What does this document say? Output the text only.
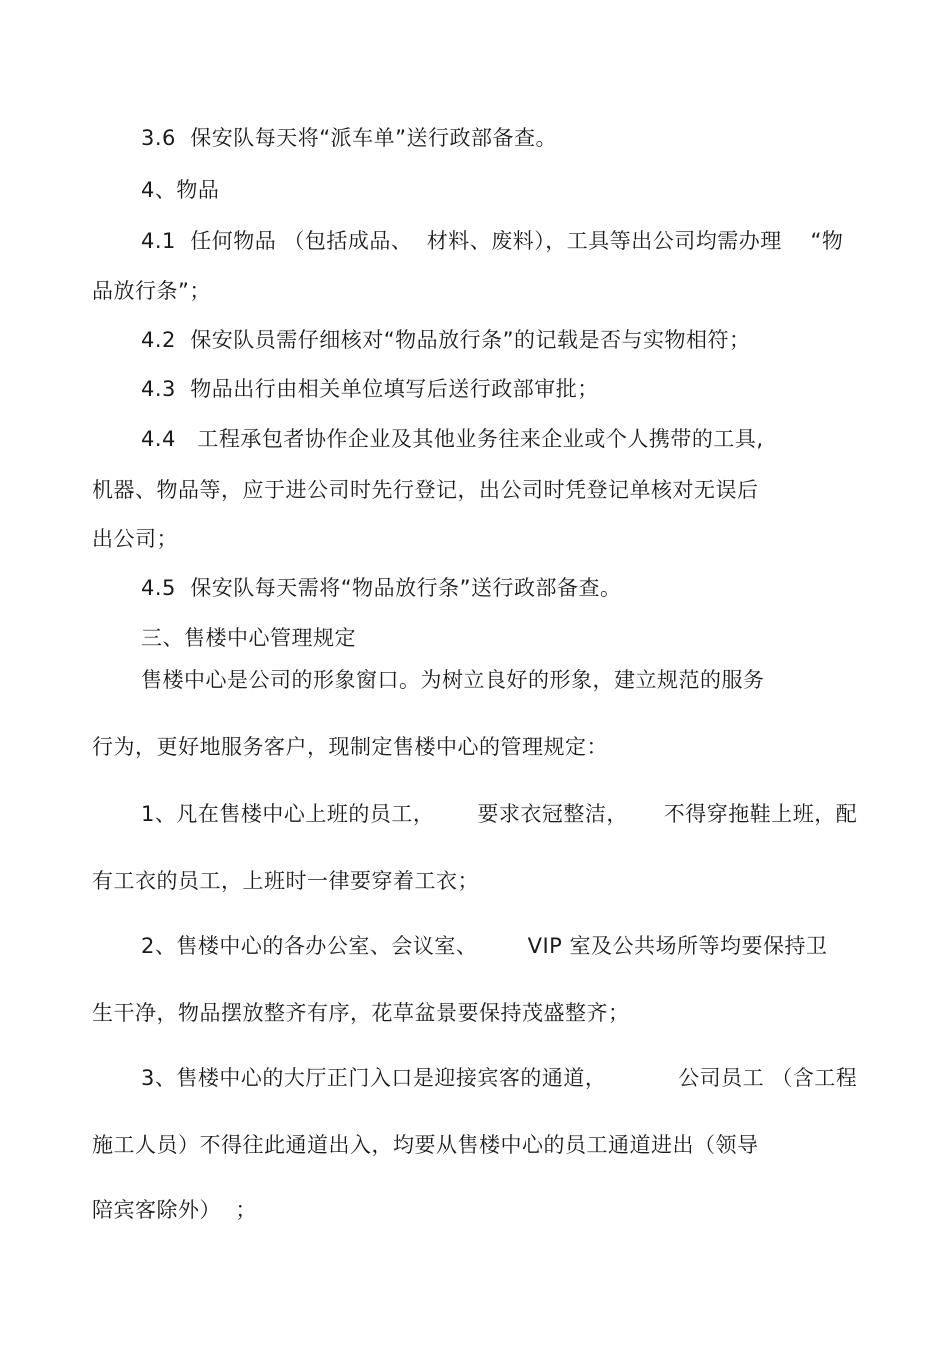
3.6  保安队每天将“派车单”送行政部备查。
4、物品
4.1  任何物品 （包括成品、  材料、废料），工具等出公司均需办理    “物
品放行条”；
4.2  保安队员需仔细核对“物品放行条”的记载是否与实物相符；
4.3  物品出行由相关单位填写后送行政部审批；
4.4   工程承包者协作企业及其他业务往来企业或个人携带的工具,
机器、物品等，应于进公司时先行登记，出公司时凭登记单核对无误后
出公司；
4.5  保安队每天需将“物品放行条”送行政部备查。
三、售楼中心管理规定
售楼中心是公司的形象窗口。为树立良好的形象，建立规范的服务
行为，更好地服务客户，现制定售楼中心的管理规定：
1、凡在售楼中心上班的员工，      要求衣冠整洁，     不得穿拖鞋上班，配
有工衣的员工，上班时一律要穿着工衣；
2、售楼中心的各办公室、会议室、       VIP 室及公共场所等均要保持卫
生干净，物品摆放整齐有序，花草盆景要保持茂盛整齐；
3、售楼中心的大厅正门入口是迎接宾客的通道，          公司员工 （含工程
施工人员）不得往此通道出入，均要从售楼中心的员工通道进出（领导
陪宾客除外）  ；
